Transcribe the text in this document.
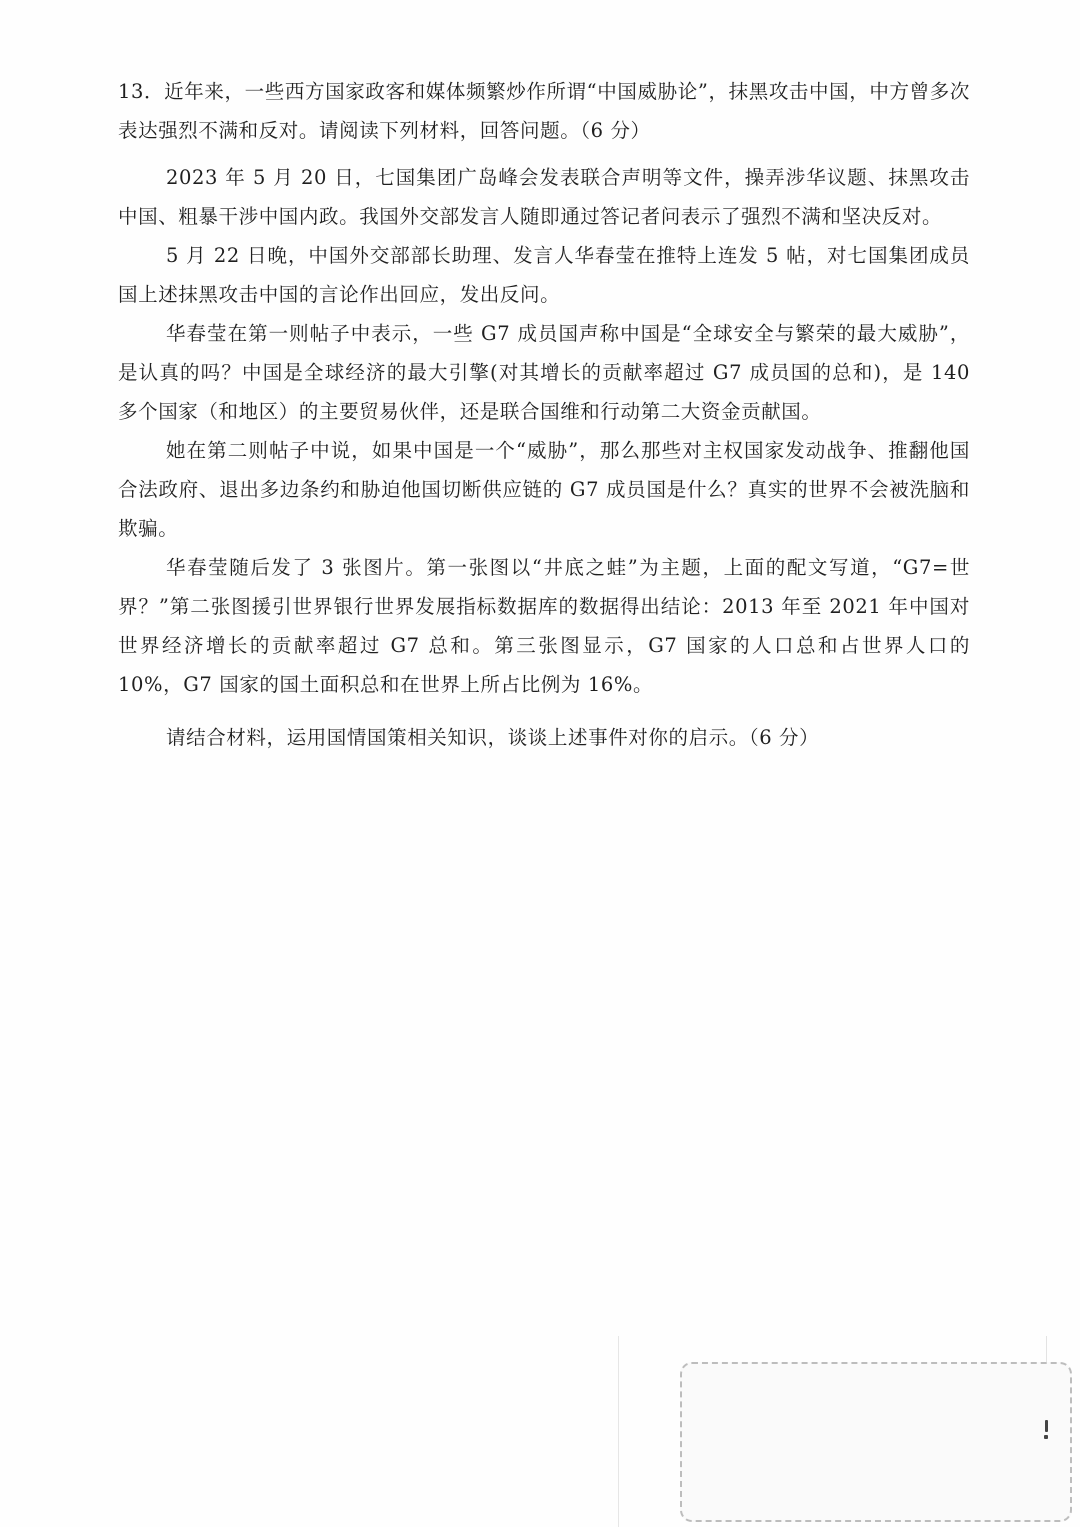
13．近年来，一些西方国家政客和媒体频繁炒作所谓“中国威胁论”，抹黑攻击中国，中方曾多次表达强烈不满和反对。请阅读下列材料，回答问题。（6 分）

2023 年 5 月 20 日，七国集团广岛峰会发表联合声明等文件，操弄涉华议题、抹黑攻击中国、粗暴干涉中国内政。我国外交部发言人随即通过答记者问表示了强烈不满和坚决反对。

5 月 22 日晚，中国外交部部长助理、发言人华春莹在推特上连发 5 帖，对七国集团成员国上述抹黑攻击中国的言论作出回应，发出反问。

华春莹在第一则帖子中表示，一些 G7 成员国声称中国是“全球安全与繁荣的最大威胁”，是认真的吗？中国是全球经济的最大引擎(对其增长的贡献率超过 G7 成员国的总和)，是 140 多个国家（和地区）的主要贸易伙伴，还是联合国维和行动第二大资金贡献国。

她在第二则帖子中说，如果中国是一个“威胁”，那么那些对主权国家发动战争、推翻他国合法政府、退出多边条约和胁迫他国切断供应链的 G7 成员国是什么？真实的世界不会被洗脑和欺骗。

华春莹随后发了 3 张图片。第一张图以“井底之蛙”为主题，上面的配文写道，“G7=世界？”第二张图援引世界银行世界发展指标数据库的数据得出结论：2013 年至 2021 年中国对世界经济增长的贡献率超过 G7 总和。第三张图显示，G7 国家的人口总和占世界人口的 10%，G7 国家的国土面积总和在世界上所占比例为 16%。

请结合材料，运用国情国策相关知识，谈谈上述事件对你的启示。（6 分）
